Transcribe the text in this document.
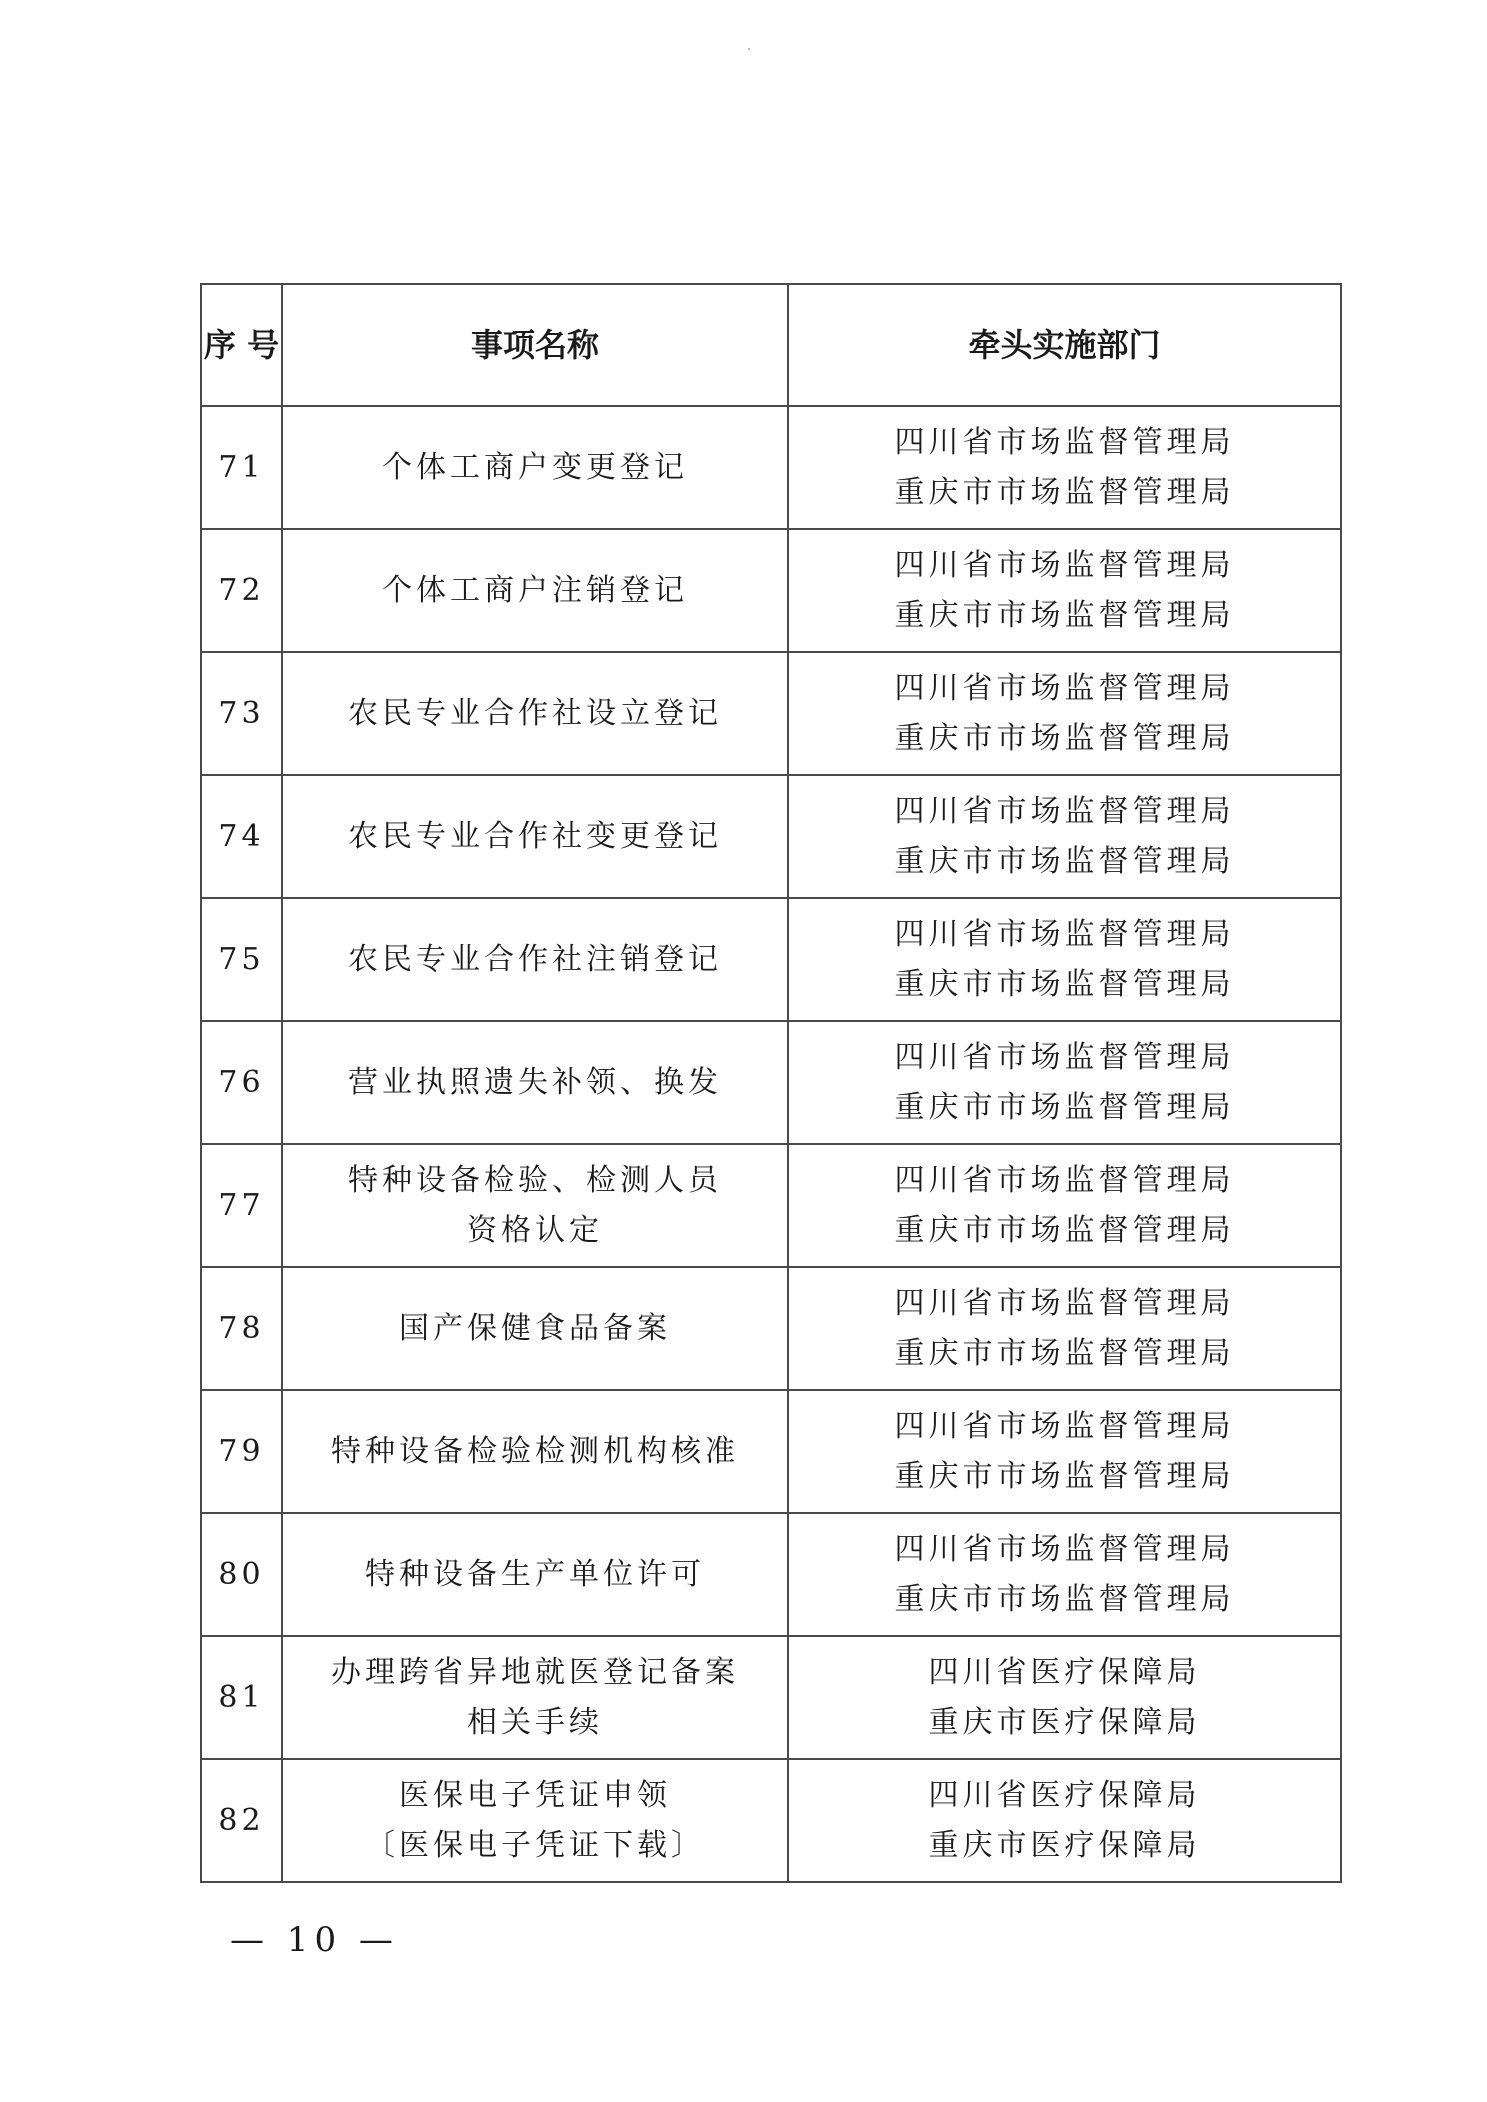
序 号	事项名称	牵头实施部门
71	个体工商户变更登记	四川省市场监督管理局
重庆市市场监督管理局

72	个体工商户注销登记	四川省市场监督管理局
重庆市市场监督管理局

73	农民专业合作社设立登记	四川省市场监督管理局
重庆市市场监督管理局

74	农民专业合作社变更登记	四川省市场监督管理局
重庆市市场监督管理局

75	农民专业合作社注销登记	四川省市场监督管理局
重庆市市场监督管理局

76	营业执照遗失补领、换发	四川省市场监督管理局
重庆市市场监督管理局

77	特种设备检验、检测人员
资格认定	四川省市场监督管理局
重庆市市场监督管理局

78	国产保健食品备案	四川省市场监督管理局
重庆市市场监督管理局

79	特种设备检验检测机构核准	四川省市场监督管理局
重庆市市场监督管理局

80	特种设备生产单位许可	四川省市场监督管理局
重庆市市场监督管理局

81	办理跨省异地就医登记备案
相关手续	四川省医疗保障局
重庆市医疗保障局

82	医保电子凭证申领
〔医保电子凭证下载〕	四川省医疗保障局
重庆市医疗保障局
— 10 —
